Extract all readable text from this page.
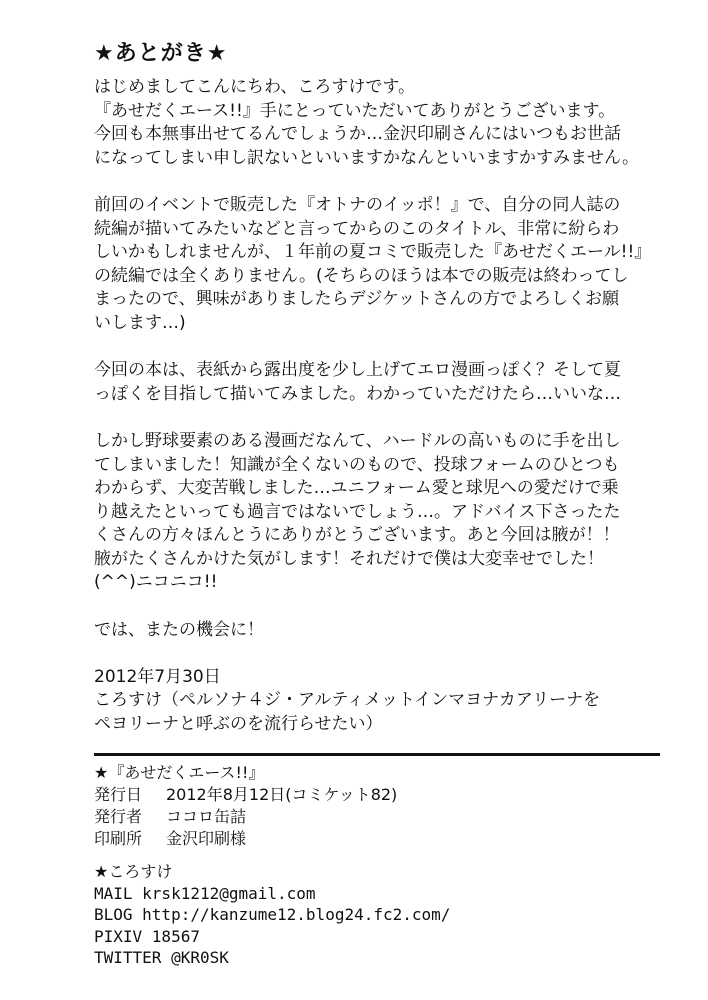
★あとがき★
はじめましてこんにちわ、ころすけです。
『あせだくエース!!』手にとっていただいてありがとうございます。
今回も本無事出せてるんでしょうか…金沢印刷さんにはいつもお世話
になってしまい申し訳ないといいますかなんといいますかすみません。
前回のイベントで販売した『オトナのイッポ！』で、自分の同人誌の
続編が描いてみたいなどと言ってからのこのタイトル、非常に紛らわ
しいかもしれませんが、１年前の夏コミで販売した『あせだくエール!!』
の続編では全くありません。(そちらのほうは本での販売は終わってし
まったので、興味がありましたらデジケットさんの方でよろしくお願
いします…)
今回の本は、表紙から露出度を少し上げてエロ漫画っぽく？そして夏
っぽくを目指して描いてみました。わかっていただけたら…いいな…
しかし野球要素のある漫画だなんて、ハードルの高いものに手を出し
てしまいました！知識が全くないのもので、投球フォームのひとつも
わからず、大変苦戦しました…ユニフォーム愛と球児への愛だけで乗
り越えたといっても過言ではないでしょう…。アドバイス下さったた
くさんの方々ほんとうにありがとうございます。あと今回は腋が！！
腋がたくさんかけた気がします！それだけで僕は大変幸せでした！
(^^)ニコニコ!!
では、またの機会に！
2012年7月30日
ころすけ（ペルソナ４ジ・アルティメットインマヨナカアリーナを
ペヨリーナと呼ぶのを流行らせたい）
★『あせだくエース!!』
発行日 2012年8月12日(コミケット82)
発行者 ココロ缶詰
印刷所 金沢印刷様
★ころすけ
MAIL krsk1212@gmail.com
BLOG http://kanzume12.blog24.fc2.com/
PIXIV 18567
TWITTER @KR0SK
